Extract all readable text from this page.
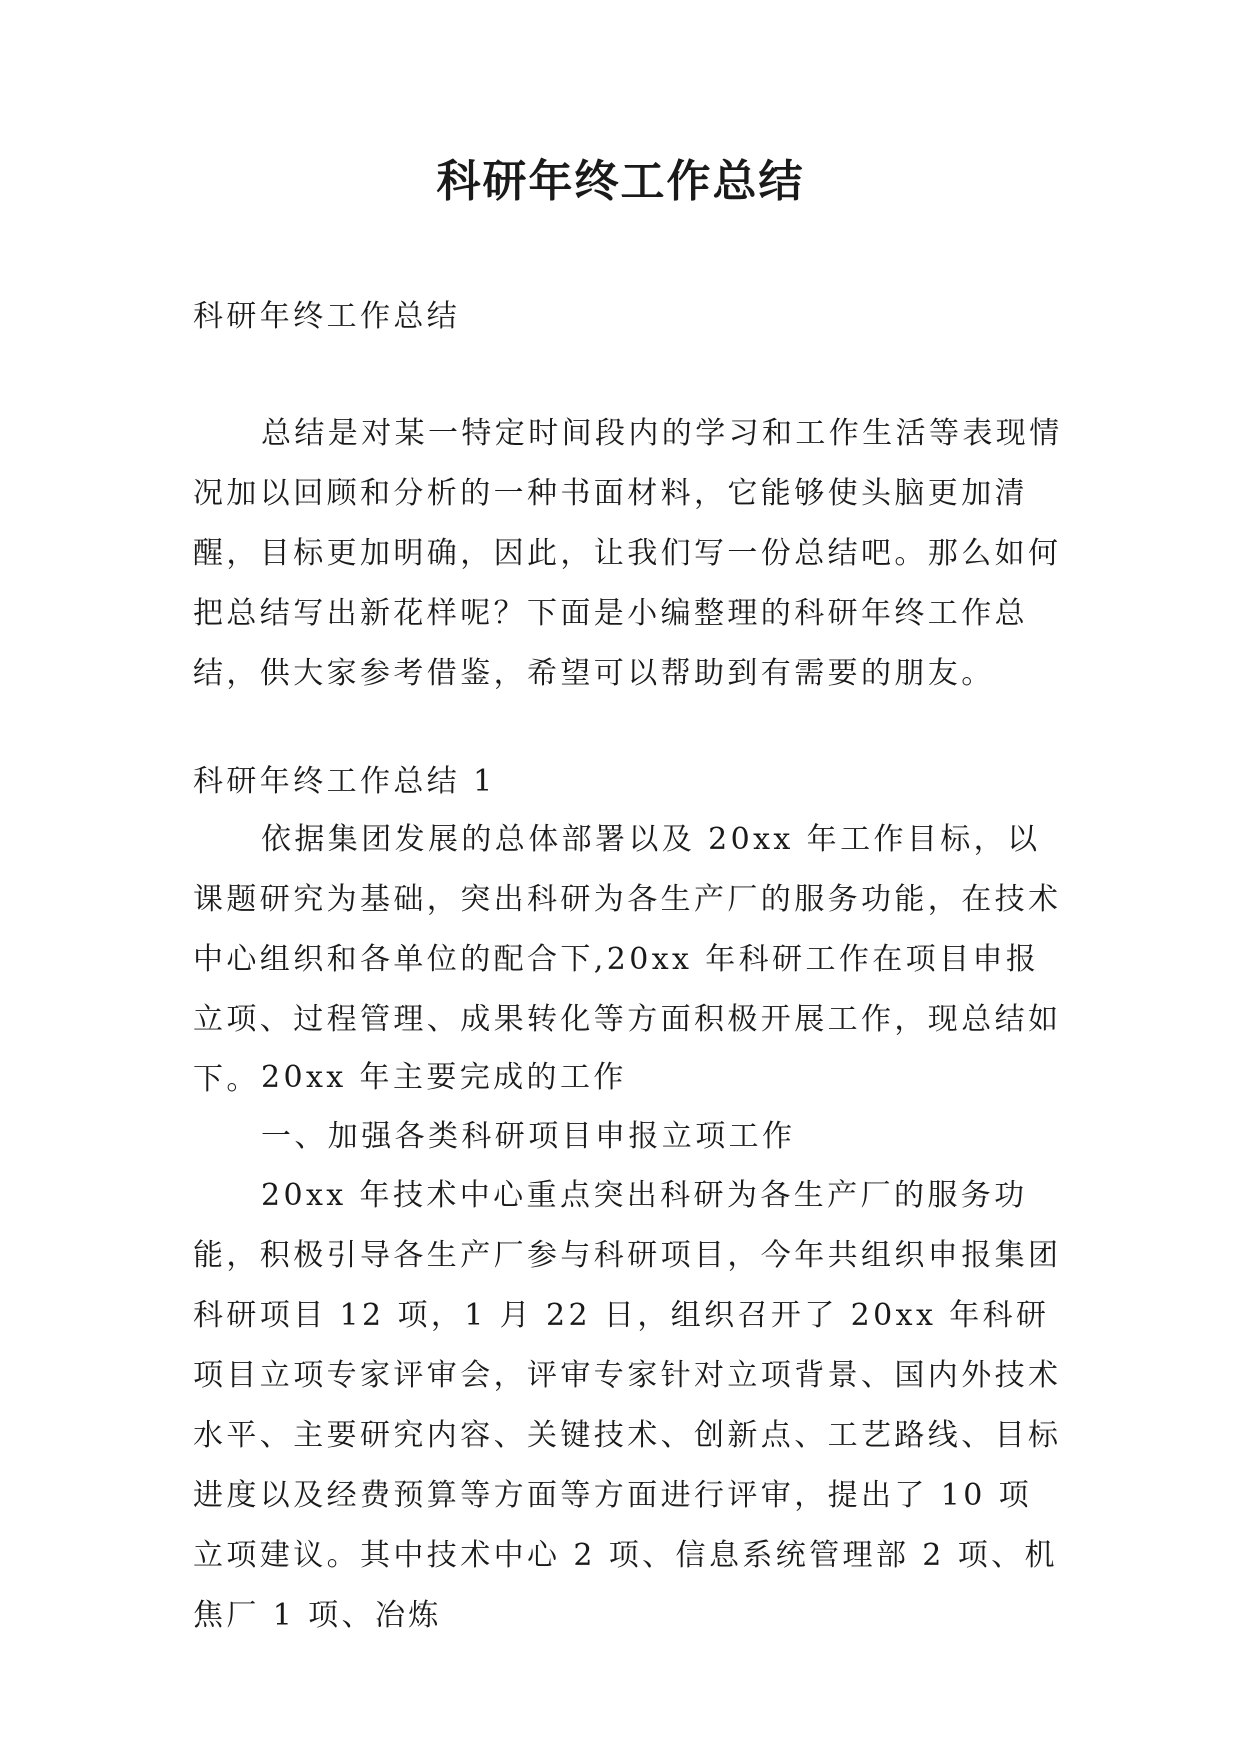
科研年终工作总结
科研年终工作总结
总结是对某一特定时间段内的学习和工作生活等表现情况加以回顾和分析的一种书面材料，它能够使头脑更加清醒，目标更加明确，因此，让我们写一份总结吧。那么如何把总结写出新花样呢？下面是小编整理的科研年终工作总结，供大家参考借鉴，希望可以帮助到有需要的朋友。
科研年终工作总结 1
依据集团发展的总体部署以及 20xx 年工作目标，以课题研究为基础，突出科研为各生产厂的服务功能，在技术中心组织和各单位的配合下,20xx 年科研工作在项目申报立项、过程管理、成果转化等方面积极开展工作，现总结如下。 20xx 年主要完成的工作
一、加强各类科研项目申报立项工作
20xx 年技术中心重点突出科研为各生产厂的服务功能，积极引导各生产厂参与科研项目，今年共组织申报集团科研项目 12 项，1 月 22 日，组织召开了 20xx 年科研项目立项专家评审会，评审专家针对立项背景、国内外技术水平、主要研究内容、关键技术、创新点、工艺路线、目标进度以及经费预算等方面等方面进行评审，提出了 10 项立项建议。其中技术中心 2 项、信息系统管理部 2 项、机焦厂 1 项、冶炼
